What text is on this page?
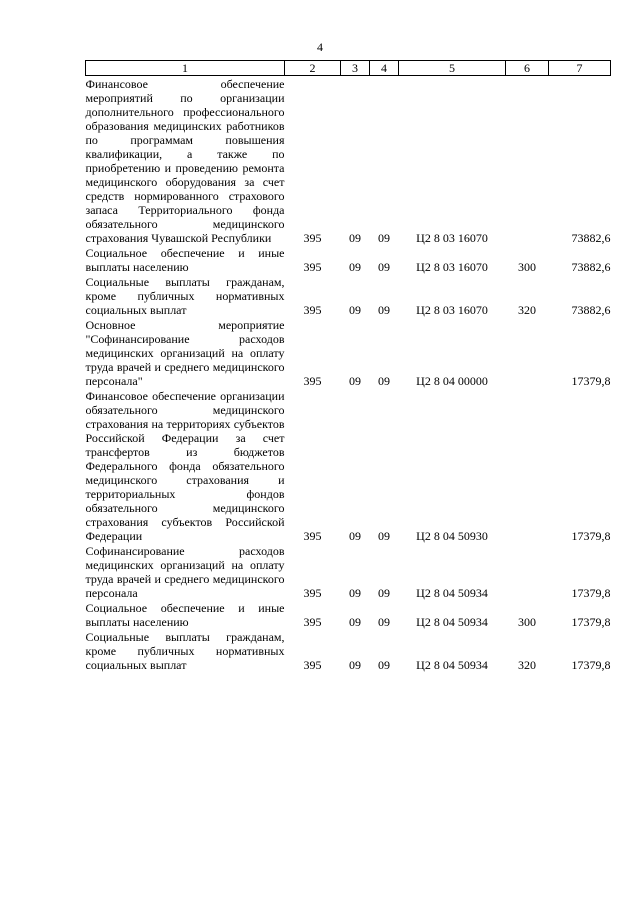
4
1	2	3	4	5	6	7
Финансовое обеспечение мероприятий по организации дополнительного профессионального образования медицинских работников по программам повышения квалификации, а также по приобретению и проведению ремонта медицинского оборудования за счет средств нормированного страхового запаса Территориального фонда обязательного медицинского страхования Чувашской Республики	395	09	09	Ц2 8 03 16070		73882,6
Социальное обеспечение и иные выплаты населению	395	09	09	Ц2 8 03 16070	300	73882,6
Социальные выплаты гражданам, кроме публичных нормативных социальных выплат	395	09	09	Ц2 8 03 16070	320	73882,6
Основное мероприятие "Софинансирование расходов медицинских организаций на оплату труда врачей и среднего медицинского персонала"	395	09	09	Ц2 8 04 00000		17379,8
Финансовое обеспечение организации обязательного медицинского страхования на территориях субъектов Российской Федерации за счет трансфертов из бюджетов Федерального фонда обязательного медицинского страхования и территориальных фондов обязательного медицинского страхования субъектов Российской Федерации	395	09	09	Ц2 8 04 50930		17379,8
Софинансирование расходов медицинских организаций на оплату труда врачей и среднего медицинского персонала	395	09	09	Ц2 8 04 50934		17379,8
Социальное обеспечение и иные выплаты населению	395	09	09	Ц2 8 04 50934	300	17379,8
Социальные выплаты гражданам, кроме публичных нормативных социальных выплат	395	09	09	Ц2 8 04 50934	320	17379,8
